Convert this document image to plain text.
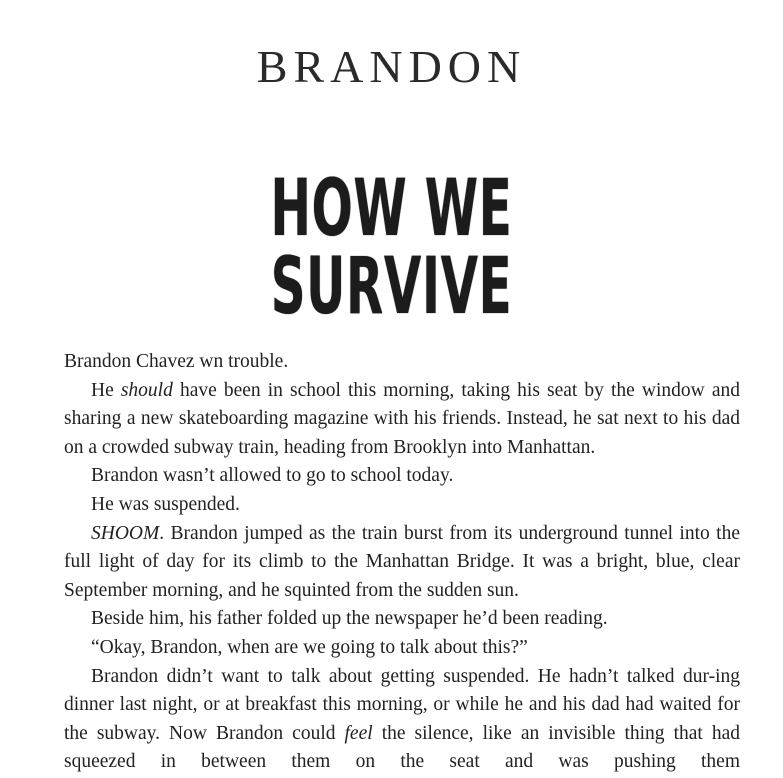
BRANDON
HOW WE SURVIVE

Brandon Chavez wn trouble.

He should have been in school this morning, taking his seat by the window and sharing a new skateboarding magazine with his friends. Instead, he sat next to his dad on a crowded subway train, heading from Brooklyn into Manhattan.

Brandon wasn’t allowed to go to school today.

He was suspended.

SHOOM. Brandon jumped as the train burst from its underground tunnel into the full light of day for its climb to the Manhattan Bridge. It was a bright, blue, clear September morning, and he squinted from the sudden sun.

Beside him, his father folded up the newspaper he’d been reading.

“Okay, Brandon, when are we going to talk about this?”

Brandon didn’t want to talk about getting suspended. He hadn’t talked dur-ing dinner last night, or at breakfast this morning, or while he and his dad had waited for the subway. Now Brandon could feel the silence, like an invisible thing that had squeezed in between them on the seat and was pushing them
